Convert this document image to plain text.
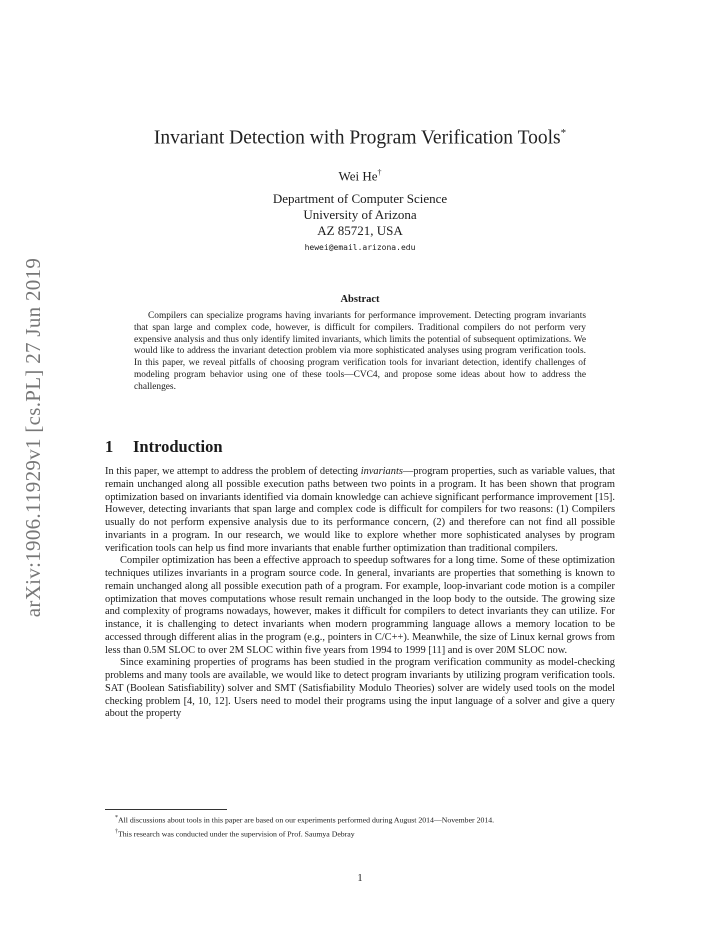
arXiv:1906.11929v1 [cs.PL] 27 Jun 2019
Invariant Detection with Program Verification Tools*
Wei He†
Department of Computer Science
University of Arizona
AZ 85721, USA
hewei@email.arizona.edu
Abstract
Compilers can specialize programs having invariants for performance improvement. Detecting program invariants that span large and complex code, however, is difficult for compilers. Traditional compilers do not perform very expensive analysis and thus only identify limited invariants, which limits the potential of subsequent optimizations. We would like to address the invariant detection problem via more sophisticated analyses using program verification tools. In this paper, we reveal pitfalls of choosing program verification tools for invariant detection, identify challenges of modeling program behavior using one of these tools—CVC4, and propose some ideas about how to address the challenges.
1 Introduction

In this paper, we attempt to address the problem of detecting invariants—program properties, such as variable values, that remain unchanged along all possible execution paths between two points in a program. It has been shown that program optimization based on invariants identified via domain knowledge can achieve significant performance improvement [15]. However, detecting invariants that span large and complex code is difficult for compilers for two reasons: (1) Compilers usually do not perform expensive analysis due to its performance concern, (2) and therefore can not find all possible invariants in a program. In our research, we would like to explore whether more sophisticated analyses by program verification tools can help us find more invariants that enable further optimization than traditional compilers.

Compiler optimization has been a effective approach to speedup softwares for a long time. Some of these optimization techniques utilizes invariants in a program source code. In general, invariants are properties that something is known to remain unchanged along all possible execution path of a program. For example, loop-invariant code motion is a compiler optimization that moves computations whose result remain unchanged in the loop body to the outside. The growing size and complexity of programs nowadays, however, makes it difficult for compilers to detect invariants they can utilize. For instance, it is challenging to detect invariants when modern programming language allows a memory location to be accessed through different alias in the program (e.g., pointers in C/C++). Meanwhile, the size of Linux kernal grows from less than 0.5M SLOC to over 2M SLOC within five years from 1994 to 1999 [11] and is over 20M SLOC now.

Since examining properties of programs has been studied in the program verification community as model-checking problems and many tools are available, we would like to detect program invariants by utilizing program verification tools. SAT (Boolean Satisfiability) solver and SMT (Satisfiability Modulo Theories) solver are widely used tools on the model checking problem [4, 10, 12]. Users need to model their programs using the input language of a solver and give a query about the property

*All discussions about tools in this paper are based on our experiments performed during August 2014—November 2014.

†This research was conducted under the supervision of Prof. Saumya Debray

1
